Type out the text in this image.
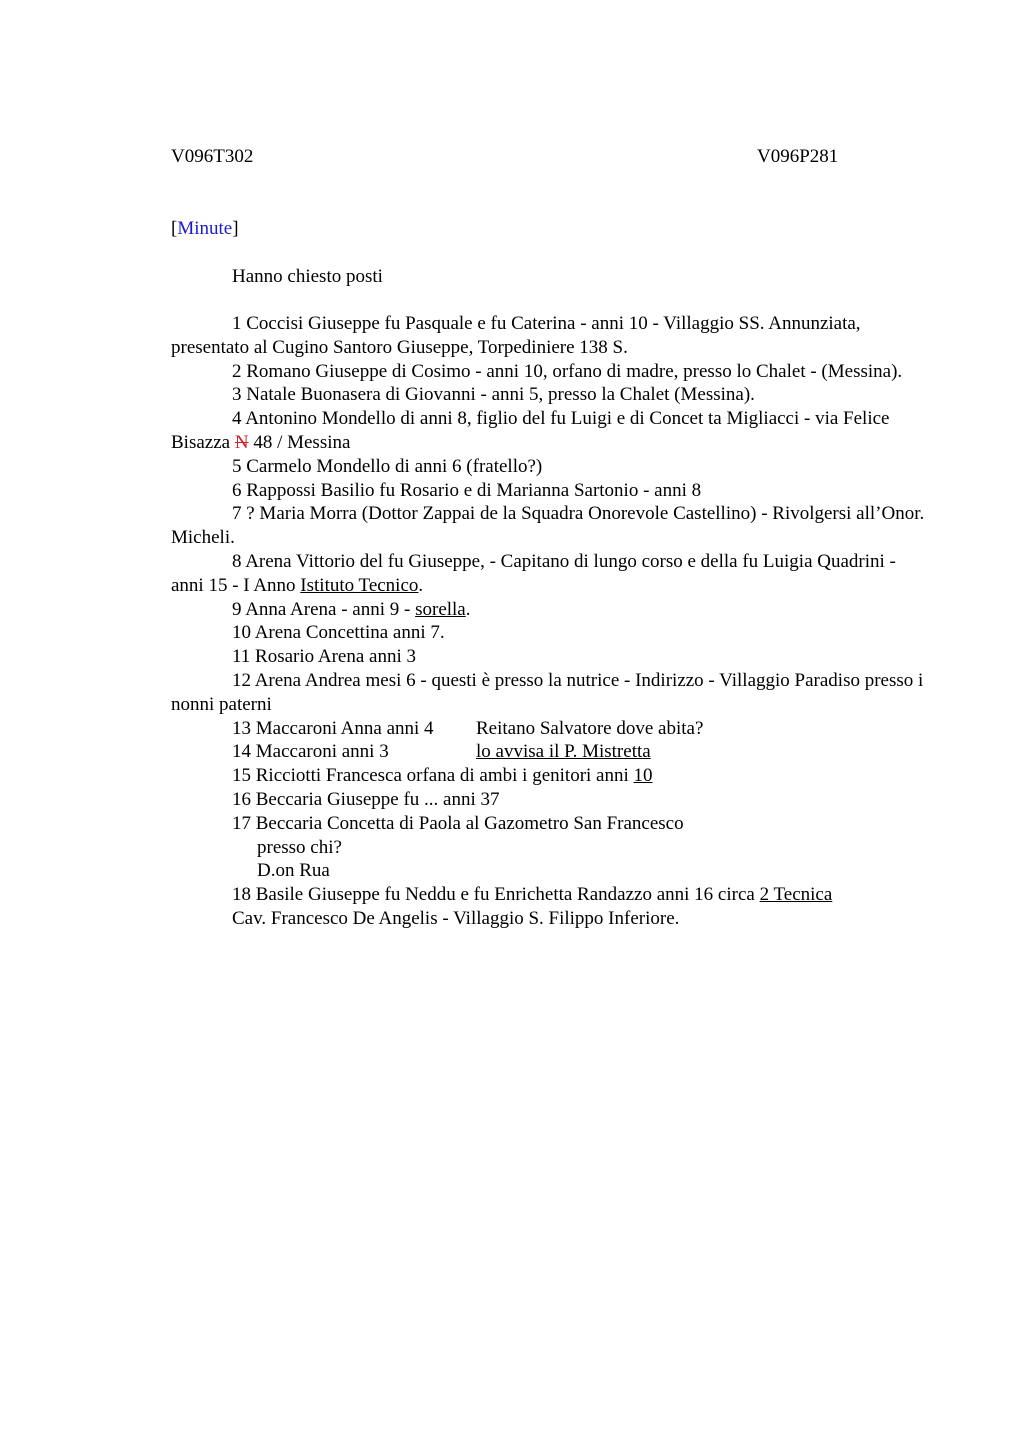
V096T302	V096P281
[Minute]
Hanno chiesto posti

1 Coccisi Giuseppe fu Pasquale e fu Caterina - anni 10 - Villaggio SS. Annunziata, presentato al Cugino Santoro Giuseppe, Torpediniere 138 S.

2 Romano Giuseppe di Cosimo - anni 10, orfano di madre, presso lo Chalet - (Messina).

3 Natale Buonasera di Giovanni - anni 5, presso la Chalet (Messina).

4 Antonino Mondello di anni 8, figlio del fu Luigi e di Concet ta Migliacci - via Felice Bisazza N 48 / Messina

5 Carmelo Mondello di anni 6 (fratello?)

6 Rappossi Basilio fu Rosario e di Marianna Sartonio - anni 8

7 ? Maria Morra (Dottor Zappai de la Squadra Onorevole Castellino) - Rivolgersi all’Onor. Micheli.

8 Arena Vittorio del fu Giuseppe, - Capitano di lungo corso e della fu Luigia Quadrini - anni 15 - I Anno Istituto Tecnico.

9 Anna Arena - anni 9 - sorella.

10 Arena Concettina anni 7.

11 Rosario Arena anni 3

12 Arena Andrea mesi 6 - questi è presso la nutrice - Indirizzo - Villaggio Paradiso presso i nonni paterni

13 Maccaroni Anna anni 4 Reitano Salvatore dove abita?

14 Maccaroni anni 3	lo avvisa il P. Mistretta

15 Ricciotti Francesca orfana di ambi i genitori anni 10

16 Beccaria Giuseppe fu ... anni 37

17 Beccaria Concetta di Paola al Gazometro San Francesco

presso chi?

D.on Rua

18 Basile Giuseppe fu Neddu e fu Enrichetta Randazzo anni 16 circa 2 Tecnica

Cav. Francesco De Angelis - Villaggio S. Filippo Inferiore.
